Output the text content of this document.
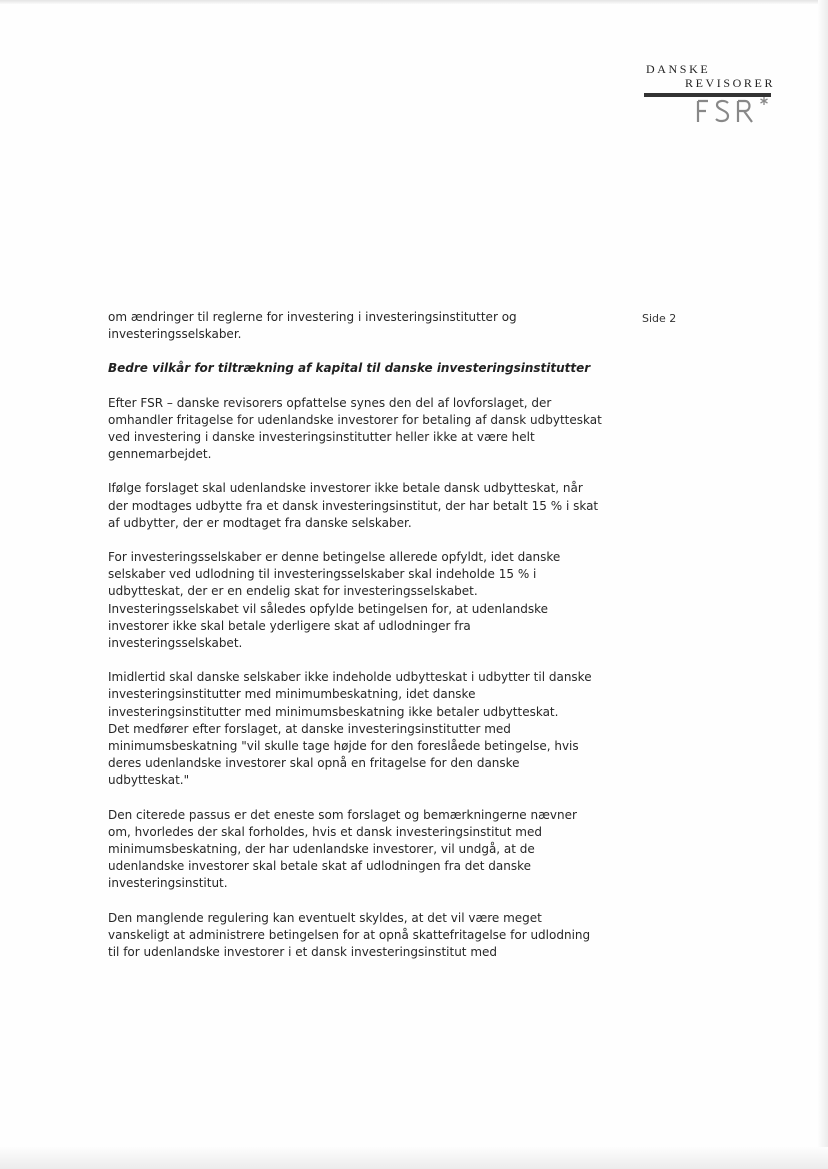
DANSKE
REVISORER
Side 2

om ændringer til reglerne for investering i investeringsinstitutter og
investeringsselskaber.

Bedre vilkår for tiltrækning af kapital til danske investeringsinstitutter

Efter FSR – danske revisorers opfattelse synes den del af lovforslaget, der
omhandler fritagelse for udenlandske investorer for betaling af dansk udbytteskat
ved investering i danske investeringsinstitutter heller ikke at være helt
gennemarbejdet.

Ifølge forslaget skal udenlandske investorer ikke betale dansk udbytteskat, når
der modtages udbytte fra et dansk investeringsinstitut, der har betalt 15 % i skat
af udbytter, der er modtaget fra danske selskaber.

For investeringsselskaber er denne betingelse allerede opfyldt, idet danske
selskaber ved udlodning til investeringsselskaber skal indeholde 15 % i
udbytteskat, der er en endelig skat for investeringsselskabet.
Investeringsselskabet vil således opfylde betingelsen for, at udenlandske
investorer ikke skal betale yderligere skat af udlodninger fra
investeringsselskabet.

Imidlertid skal danske selskaber ikke indeholde udbytteskat i udbytter til danske
investeringsinstitutter med minimumbeskatning, idet danske
investeringsinstitutter med minimumsbeskatning ikke betaler udbytteskat.
Det medfører efter forslaget, at danske investeringsinstitutter med
minimumsbeskatning "vil skulle tage højde for den foreslåede betingelse, hvis
deres udenlandske investorer skal opnå en fritagelse for den danske
udbytteskat."

Den citerede passus er det eneste som forslaget og bemærkningerne nævner
om, hvorledes der skal forholdes, hvis et dansk investeringsinstitut med
minimumsbeskatning, der har udenlandske investorer, vil undgå, at de
udenlandske investorer skal betale skat af udlodningen fra det danske
investeringsinstitut.

Den manglende regulering kan eventuelt skyldes, at det vil være meget
vanskeligt at administrere betingelsen for at opnå skattefritagelse for udlodning
til for udenlandske investorer i et dansk investeringsinstitut med
